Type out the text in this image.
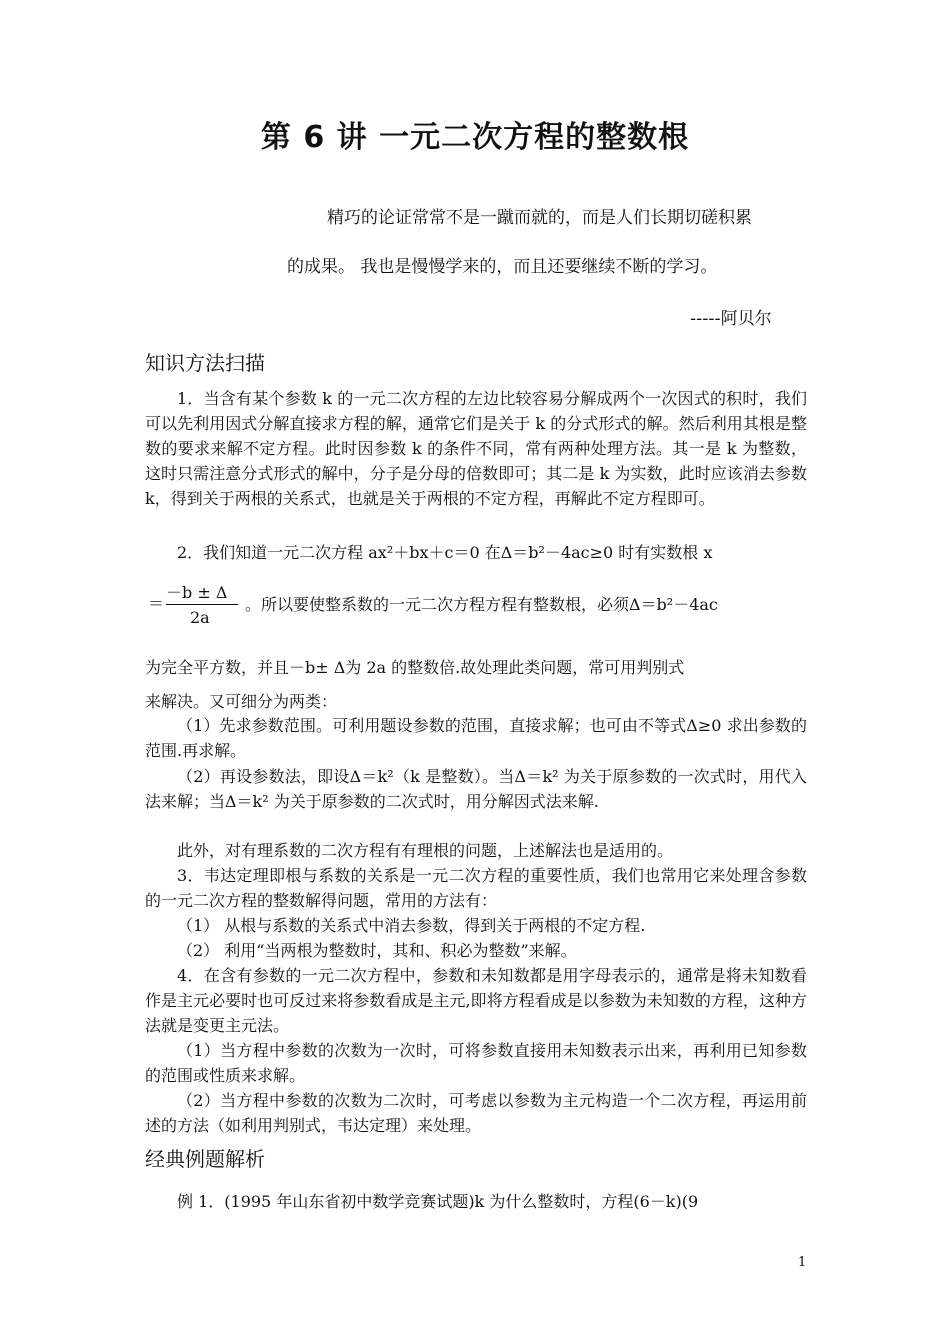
第 6 讲 一元二次方程的整数根
精巧的论证常常不是一蹴而就的，而是人们长期切磋积累
的成果。 我也是慢慢学来的，而且还要继续不断的学习。
-----阿贝尔
知识方法扫描
1．当含有某个参数 k 的一元二次方程的左边比较容易分解成两个一次因式的积时，我们可以先利用因式分解直接求方程的解，通常它们是关于 k 的分式形式的解。然后利用其根是整数的要求来解不定方程。此时因参数 k 的条件不同，常有两种处理方法。其一是 k 为整数，这时只需注意分式形式的解中，分子是分母的倍数即可；其二是 k 为实数，此时应该消去参数 k，得到关于两根的关系式，也就是关于两根的不定方程，再解此不定方程即可。
2．我们知道一元二次方程 ax²＋bx＋c＝0 在Δ＝b²－4ac≥0 时有实数根 x
＝
－b ± Δ
2a
。所以要使整系数的一元二次方程方程有整数根，必须Δ＝b²－4ac
为完全平方数，并且－b± Δ为 2a 的整数倍.故处理此类问题，常可用判别式
来解决。又可细分为两类：
（1）先求参数范围。可利用题设参数的范围，直接求解；也可由不等式Δ≥0 求出参数的范围.再求解。
（2）再设参数法，即设Δ＝k²（k 是整数）。当Δ＝k² 为关于原参数的一次式时，用代入法来解；当Δ＝k² 为关于原参数的二次式时，用分解因式法来解.
此外，对有理系数的二次方程有有理根的问题，上述解法也是适用的。
3．韦达定理即根与系数的关系是一元二次方程的重要性质，我们也常用它来处理含参数的一元二次方程的整数解得问题，常用的方法有：
（1） 从根与系数的关系式中消去参数，得到关于两根的不定方程.
（2） 利用“当两根为整数时，其和、积必为整数”来解。
4．在含有参数的一元二次方程中，参数和未知数都是用字母表示的，通常是将未知数看作是主元必要时也可反过来将参数看成是主元,即将方程看成是以参数为未知数的方程，这种方法就是变更主元法。
（1）当方程中参数的次数为一次时，可将参数直接用未知数表示出来，再利用已知参数的范围或性质来求解。
（2）当方程中参数的次数为二次时，可考虑以参数为主元构造一个二次方程，再运用前述的方法（如利用判别式，韦达定理）来处理。
经典例题解析
例 1．(1995 年山东省初中数学竞赛试题)k 为什么整数时，方程(6－k)(9
1
